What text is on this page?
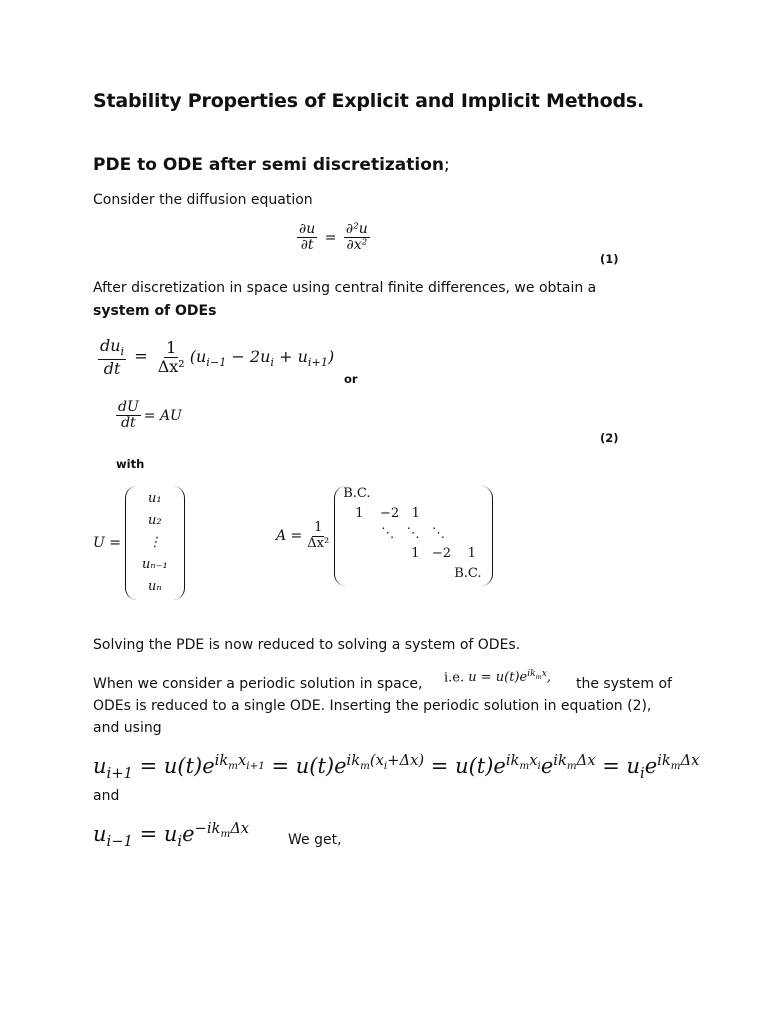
Stability Properties of Explicit and Implicit Methods.
PDE to ODE after semi discretization;
Consider the diffusion equation
$\frac{\partial u}{\partial t} = \frac{\text{∂²u}}{\text{∂x²}}$
(1)
After discretization in space using central finite differences, we obtain a
system of ODEs
$\frac{du_i}{dt} = \frac{1}{\text{Δx²}} (u_{i-1} - 2u_i + u_{i+1})$
or
$\frac{dU}{dt}$ = AU
(2)
with
U =
u₁
u₂
⋮
uₙ₋₁
uₙ
$A = \frac{1}{\text{Δx²}}$
B.C.
1    −2   1
⋱   ⋱   ⋱
1   −2    1
B.C.
Solving the PDE is now reduced to solving a system of ODEs.
When we consider a periodic solution in space, i.e. $u = u(t)e^{ik_mx}$, the system of
ODEs is reduced to a single ODE. Inserting the periodic solution in equation (2),
and using
$u_{i+1} = u(t)e^{ik_mx_{i+1}} = u(t)e^{ik_m(x_i+\Delta x)} = u(t)e^{ik_mx_i}e^{ik_m\Delta x} = u_ie^{ik_m\Delta x}$
and
$u_{i-1} = u_ie^{-ik_m\Delta x}$
We get,
